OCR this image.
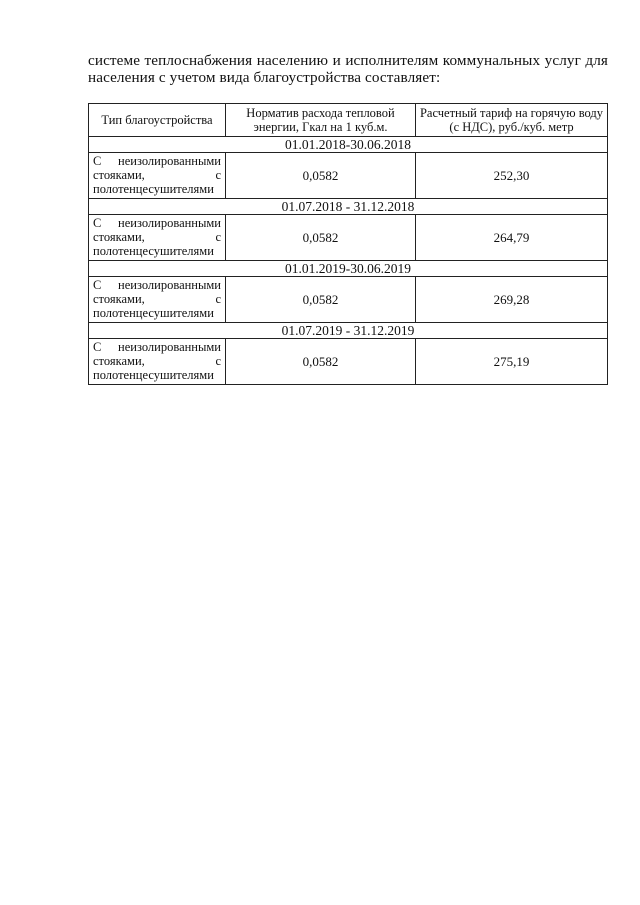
системе теплоснабжения населению и исполнителям коммунальных услуг для
населения с учетом вида благоустройства составляет:
Тип благоустройства	Норматив расхода тепловой энергии, Гкал на 1 куб.м.	Расчетный тариф на горячую воду (с НДС), руб./куб. метр
01.01.2018-30.06.2018		

С неизолированными
стояками, с
полотенцесушителями	0,0582	252,30
01.07.2018 - 31.12.2018		

С неизолированными
стояками, с
полотенцесушителями	0,0582	264,79
01.01.2019-30.06.2019		

С неизолированными
стояками, с
полотенцесушителями	0,0582	269,28
01.07.2019 - 31.12.2019		

С неизолированными
стояками, с
полотенцесушителями	0,0582	275,19
